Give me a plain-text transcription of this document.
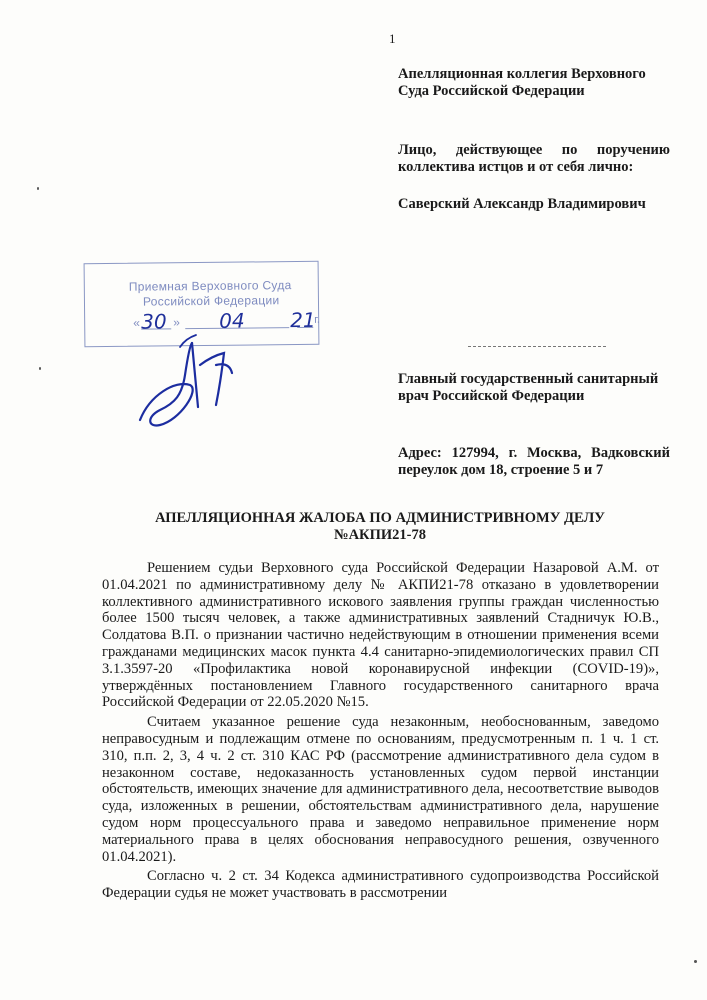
1
Апелляционная коллегия Верховного Суда Российской Федерации
Лицо, действующее по поручению коллектива истцов и от себя лично:
Саверский Александр Владимирович
Приемная Верховного Суда
Российской Федерации
«	»
30	04 21
г.
Главный государственный санитарный врач Российской Федерации
Адрес: 127994, г. Москва, Вадковский переулок дом 18, строение 5 и 7
АПЕЛЛЯЦИОННАЯ ЖАЛОБА ПО АДМИНИСТРИВНОМУ ДЕЛУ
№АКПИ21-78

Решением судьи Верховного суда Российской Федерации Назаровой А.М. от 01.04.2021 по административному делу № АКПИ21-78 отказано в удовлетворении коллективного административного искового заявления группы граждан численностью более 1500 тысяч человек, а также административных заявлений Стадничук Ю.В., Солдатова В.П. о признании частично недействующим в отношении применения всеми гражданами медицинских масок пункта 4.4 санитарно-эпидемиологических правил СП 3.1.3597-20 «Профилактика новой коронавирусной инфекции (COVID-19)», утверждённых постановлением Главного государственного санитарного врача Российской Федерации от 22.05.2020 №15.

Считаем указанное решение суда незаконным, необоснованным, заведомо неправосудным и подлежащим отмене по основаниям, предусмотренным п. 1 ч. 1 ст. 310, п.п. 2, 3, 4 ч. 2 ст. 310 КАС РФ (рассмотрение административного дела судом в незаконном составе, недоказанность установленных судом первой инстанции обстоятельств, имеющих значение для административного дела, несоответствие выводов суда, изложенных в решении, обстоятельствам административного дела, нарушение судом норм процессуального права и заведомо неправильное применение норм материального права в целях обоснования неправосудного решения, озвученного 01.04.2021).

Согласно ч. 2 ст. 34 Кодекса административного судопроизводства Российской Федерации судья не может участвовать в рассмотрении
